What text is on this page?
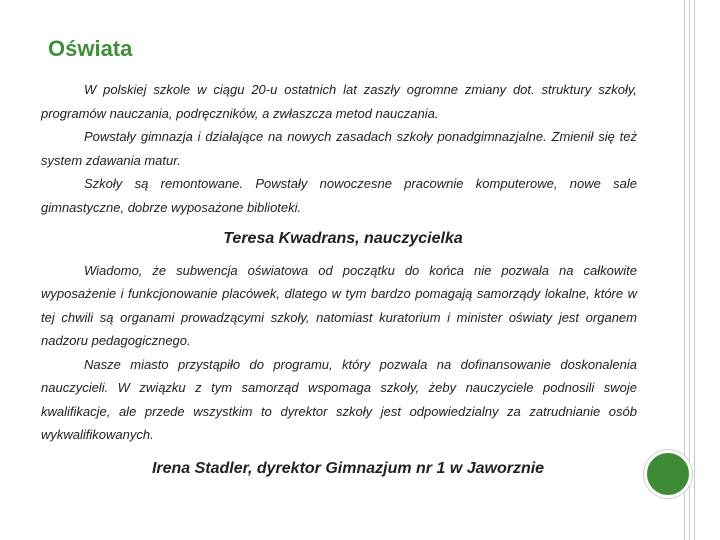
Oświata

W polskiej szkole w ciągu 20-u ostatnich lat zaszły ogromne zmiany dot. struktury szkoły, programów nauczania, podręczników, a zwłaszcza metod nauczania.

Powstały gimnazja i działające na nowych zasadach szkoły ponadgimnazjalne. Zmienił się też system zdawania matur.

Szkoły są remontowane. Powstały nowoczesne pracownie komputerowe, nowe sale gimnastyczne, dobrze wyposażone biblioteki.

Teresa Kwadrans, nauczycielka

Wiadomo, że subwencja oświatowa od początku do końca nie pozwala na całkowite wyposażenie i funkcjonowanie placówek, dlatego w tym bardzo pomagają samorządy lokalne, które w tej chwili są organami prowadzącymi szkoły, natomiast kuratorium i minister oświaty jest organem nadzoru pedagogicznego.

Nasze miasto przystąpiło do programu, który pozwala na dofinansowanie doskonalenia nauczycieli. W związku z tym samorząd wspomaga szkoły, żeby nauczyciele podnosili swoje kwalifikacje, ale przede wszystkim to dyrektor szkoły jest odpowiedzialny za zatrudnianie osób wykwalifikowanych.

Irena Stadler, dyrektor Gimnazjum nr 1 w Jaworznie
